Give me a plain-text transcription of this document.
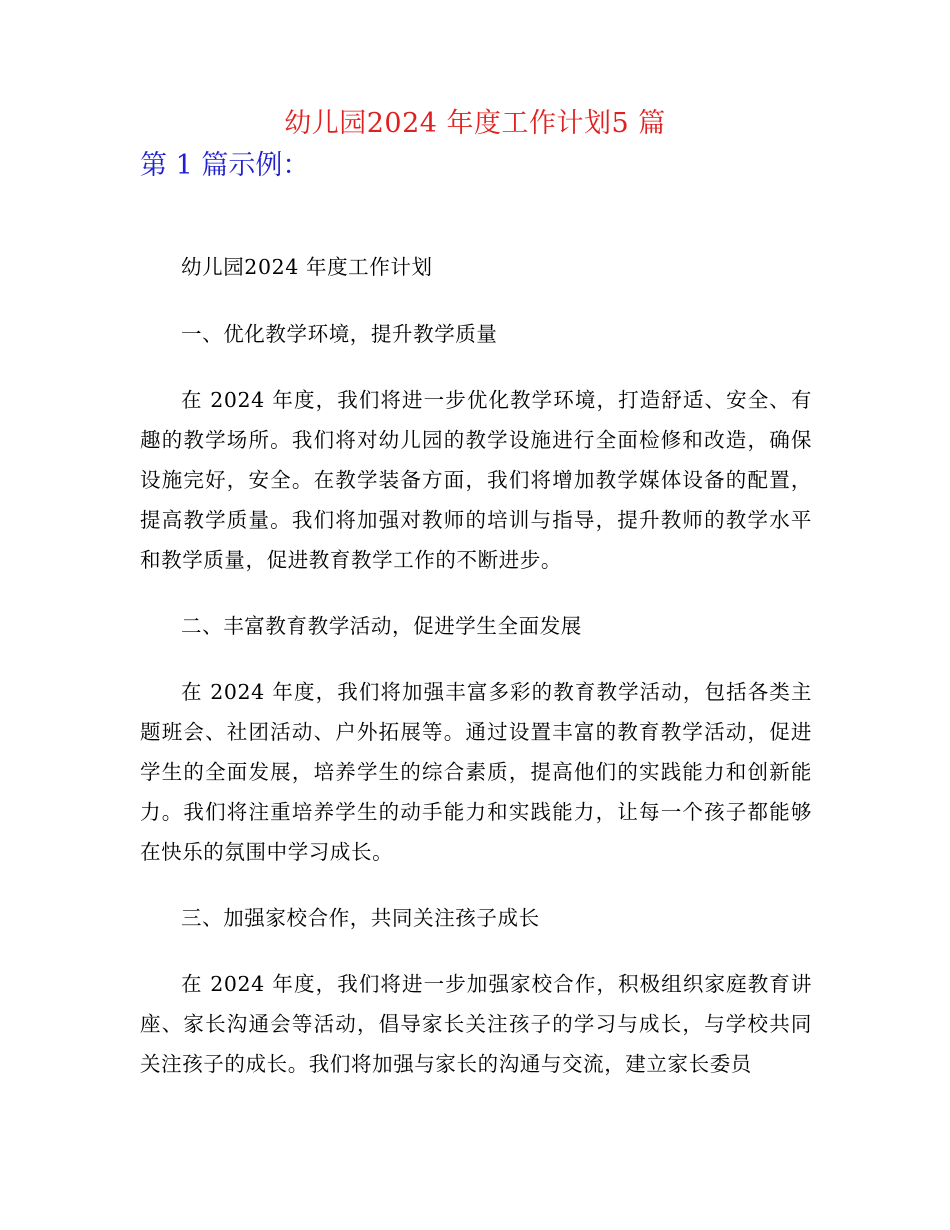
幼儿园2024 年度工作计划5 篇
第 1 篇示例：

幼儿园2024 年度工作计划

一、优化教学环境，提升教学质量

在 2024 年度，我们将进一步优化教学环境，打造舒适、安全、有趣的教学场所。我们将对幼儿园的教学设施进行全面检修和改造，确保设施完好，安全。在教学装备方面，我们将增加教学媒体设备的配置，提高教学质量。我们将加强对教师的培训与指导，提升教师的教学水平和教学质量，促进教育教学工作的不断进步。

二、丰富教育教学活动，促进学生全面发展

在 2024 年度，我们将加强丰富多彩的教育教学活动，包括各类主题班会、社团活动、户外拓展等。通过设置丰富的教育教学活动，促进学生的全面发展，培养学生的综合素质，提高他们的实践能力和创新能力。我们将注重培养学生的动手能力和实践能力，让每一个孩子都能够在快乐的氛围中学习成长。

三、加强家校合作，共同关注孩子成长

在 2024 年度，我们将进一步加强家校合作，积极组织家庭教育讲座、家长沟通会等活动，倡导家长关注孩子的学习与成长，与学校共同关注孩子的成长。我们将加强与家长的沟通与交流，建立家长委员
